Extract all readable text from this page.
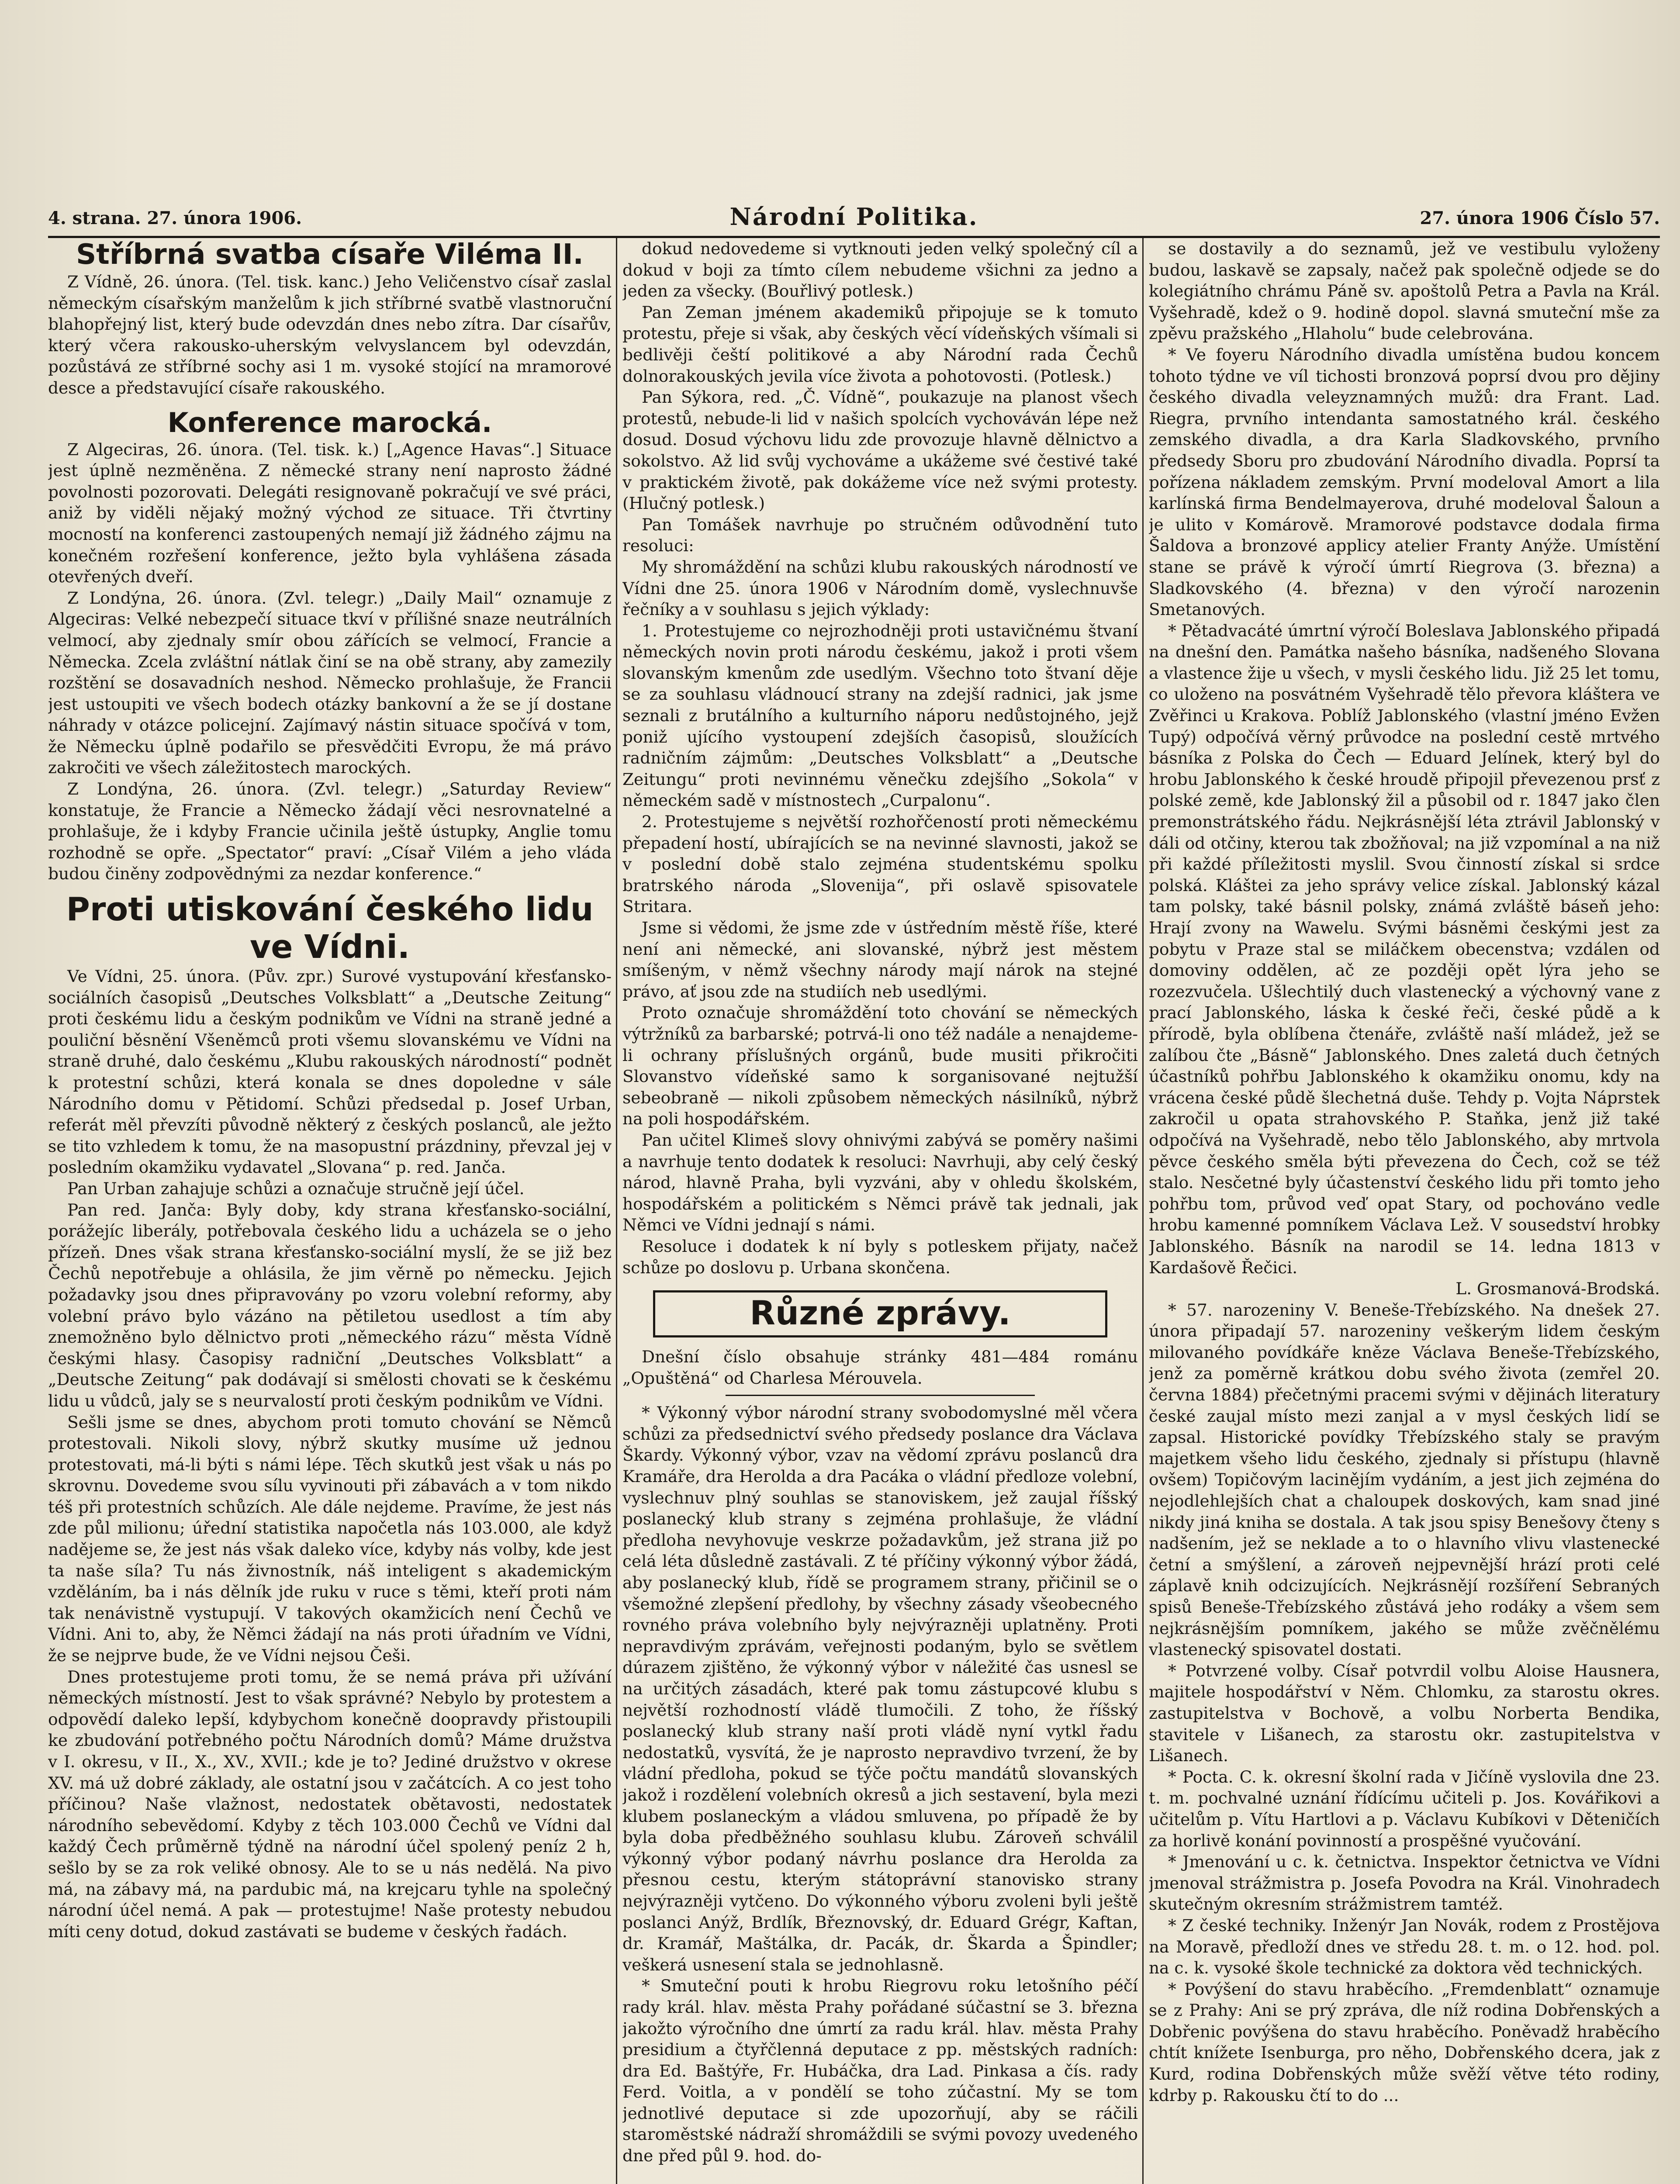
4. strana. 27. února 1906.	Národní Politika.	27. února 1906 Číslo 57.
Stříbrná svatba císaře Viléma II.

Z Vídně, 26. února. (Tel. tisk. kanc.) Jeho Veličenstvo císař zaslal německým císařským manželům k jich stříbrné svatbě vlastnoruční blahopřejný list, který bude odevzdán dnes nebo zítra. Dar císařův, který včera rakousko-uherským velvyslancem byl odevzdán, pozůstává ze stříbrné sochy asi 1 m. vysoké stojící na mramorové desce a představující císaře rakouského.

Konference marocká.

Z Algeciras, 26. února. (Tel. tisk. k.) [„Agence Havas“.] Situace jest úplně nezměněna. Z německé strany není naprosto žádné povolnosti pozorovati. Delegáti resignovaně pokračují ve své práci, aniž by viděli nějaký možný východ ze situace. Tři čtvrtiny mocností na konferenci zastoupených nemají již žádného zájmu na konečném rozřešení konference, ježto byla vyhlášena zásada otevřených dveří.

Z Londýna, 26. února. (Zvl. telegr.) „Daily Mail“ oznamuje z Algeciras: Velké nebezpečí situace tkví v přílišné snaze neutrálních velmocí, aby zjednaly smír obou zářících se velmocí, Francie a Německa. Zcela zvláštní nátlak činí se na obě strany, aby zamezily rozštění se dosavadních neshod. Německo prohlašuje, že Francii jest ustoupiti ve všech bodech otázky bankovní a že se jí dostane náhrady v otázce policejní. Zajímavý nástin situace spočívá v tom, že Německu úplně podařilo se přesvědčiti Evropu, že má právo zakročiti ve všech záležitostech marockých.

Z Londýna, 26. února. (Zvl. telegr.) „Saturday Review“ konstatuje, že Francie a Německo žádají věci nesrovnatelné a prohlašuje, že i kdyby Francie učinila ještě ústupky, Anglie tomu rozhodně se opře. „Spectator“ praví: „Císař Vilém a jeho vláda budou činěny zodpovědnými za nezdar konference.“

Proti utiskování českého lidu ve Vídni.

Ve Vídni, 25. února. (Pův. zpr.) Surové vystupování křesťansko-sociálních časopisů „Deutsches Volksblatt“ a „Deutsche Zeitung“ proti českému lidu a českým podnikům ve Vídni na straně jedné a pouliční běsnění Všeněmců proti všemu slovanskému ve Vídni na straně druhé, dalo českému „Klubu rakouských národností“ podnět k protestní schůzi, která konala se dnes dopoledne v sále Národního domu v Pětidomí. Schůzi předsedal p. Josef Urban, referát měl převzíti původně některý z českých poslanců, ale ježto se tito vzhledem k tomu, že na masopustní prázdniny, převzal jej v posledním okamžiku vydavatel „Slovana“ p. red. Janča.

Pan Urban zahajuje schůzi a označuje stručně její účel.

Pan red. Janča: Byly doby, kdy strana křesťansko-sociální, porážejíc liberály, potřebovala českého lidu a ucházela se o jeho přízeň. Dnes však strana křesťansko-sociální myslí, že se již bez Čechů nepotřebuje a ohlásila, že jim věrně po německu. Jejich požadavky jsou dnes připravovány po vzoru volební reformy, aby volební právo bylo vázáno na pětiletou usedlost a tím aby znemožněno bylo dělnictvo proti „německého rázu“ města Vídně českými hlasy. Časopisy radniční „Deutsches Volksblatt“ a „Deutsche Zeitung“ pak dodávají si smělosti chovati se k českému lidu u vůdců, jaly se s neurvalostí proti českým podnikům ve Vídni.

Sešli jsme se dnes, abychom proti tomuto chování se Němců protestovali. Nikoli slovy, nýbrž skutky musíme už jednou protestovati, má-li býti s námi lépe. Těch skutků jest však u nás po skrovnu. Dovedeme svou sílu vyvinouti při zábavách a v tom nikdo téš při protestních schůzích. Ale dále nejdeme. Pravíme, že jest nás zde půl milionu; úřední statistika napočetla nás 103.000, ale když nadějeme se, že jest nás však daleko více, kdyby nás volby, kde jest ta naše síla? Tu nás živnostník, náš inteligent s akademickým vzděláním, ba i nás dělník jde ruku v ruce s těmi, kteří proti nám tak nenávistně vystupují. V takových okamžicích není Čechů ve Vídni. Ani to, aby, že Němci žádají na nás proti úřadním ve Vídni, že se nejprve bude, že ve Vídni nejsou Češi.

Dnes protestujeme proti tomu, že se nemá práva při užívání německých místností. Jest to však správné? Nebylo by protestem a odpovědí daleko lepší, kdybychom konečně doopravdy přistoupili ke zbudování potřebného počtu Národních domů? Máme družstva v I. okresu, v II., X., XV., XVII.; kde je to? Jediné družstvo v okrese XV. má už dobré základy, ale ostatní jsou v začátcích. A co jest toho příčinou? Naše vlažnost, nedostatek obětavosti, nedostatek národního sebevědomí. Kdyby z těch 103.000 Čechů ve Vídni dal každý Čech průměrně týdně na národní účel spolený peníz 2 h, sešlo by se za rok veliké obnosy. Ale to se u nás nedělá. Na pivo má, na zábavy má, na pardubic má, na krejcaru tyhle na společný národní účel nemá. A pak — protestujme! Naše protesty nebudou míti ceny dotud, dokud zastávati se budeme v českých řadách.

dokud nedovedeme si vytknouti jeden velký společný cíl a dokud v boji za tímto cílem nebudeme všichni za jedno a jeden za všecky. (Bouřlivý potlesk.)

Pan Zeman jménem akademiků připojuje se k tomuto protestu, přeje si však, aby českých věcí vídeňských všímali si bedlivěji čeští politikové a aby Národní rada Čechů dolnorakouských jevila více života a pohotovosti. (Potlesk.)

Pan Sýkora, red. „Č. Vídně“, poukazuje na planost všech protestů, nebude-li lid v našich spolcích vychováván lépe než dosud. Dosud výchovu lidu zde provozuje hlavně dělnictvo a sokolstvo. Až lid svůj vychováme a ukážeme své čestivé také v praktickém životě, pak dokážeme více než svými protesty. (Hlučný potlesk.)

Pan Tomášek navrhuje po stručném odůvodnění tuto resoluci:

My shromáždění na schůzi klubu rakouských národností ve Vídni dne 25. února 1906 v Národním domě, vyslechnuvše řečníky a v souhlasu s jejich výklady:

1. Protestujeme co nejrozhodněji proti ustavičnému štvaní německých novin proti národu českému, jakož i proti všem slovanským kmenům zde usedlým. Všechno toto štvaní děje se za souhlasu vládnoucí strany na zdejší radnici, jak jsme seznali z brutálního a kulturního náporu nedůstojného, jejž poniž ujícího vystoupení zdejších časopisů, sloužících radničním zájmům: „Deutsches Volksblatt“ a „Deutsche Zeitungu“ proti nevinnému věnečku zdejšího „Sokola“ v německém sadě v místnostech „Curpalonu“.

2. Protestujeme s největší rozhořčeností proti německému přepadení hostí, ubírajících se na nevinné slavnosti, jakož se v poslední době stalo zejména studentskému spolku bratrského národa „Slovenija“, při oslavě spisovatele Stritara.

Jsme si vědomi, že jsme zde v ústředním městě říše, které není ani německé, ani slovanské, nýbrž jest městem smíšeným, v němž všechny národy mají nárok na stejné právo, ať jsou zde na studiích neb usedlými.

Proto označuje shromáždění toto chování se německých výtržníků za barbarské; potrvá-li ono též nadále a nenajdeme-li ochrany příslušných orgánů, bude musiti přikročiti Slovanstvo vídeňské samo k sorganisované nejtužší sebeobraně — nikoli způsobem německých násilníků, nýbrž na poli hospodářském.

Pan učitel Klimeš slovy ohnivými zabývá se poměry našimi a navrhuje tento dodatek k resoluci: Navrhuji, aby celý český národ, hlavně Praha, byli vyzváni, aby v ohledu školském, hospodářském a politickém s Němci právě tak jednali, jak Němci ve Vídni jednají s námi.

Resoluce i dodatek k ní byly s potleskem přijaty, načež schůze po doslovu p. Urbana skončena.

Různé zprávy.

Dnešní číslo obsahuje stránky 481—484 románu „Opuštěná“ od Charlesa Mérouvela.

* Výkonný výbor národní strany svobodomyslné měl včera schůzi za předsednictví svého předsedy poslance dra Václava Škardy. Výkonný výbor, vzav na vědomí zprávu poslanců dra Kramáře, dra Herolda a dra Pacáka o vládní předloze volební, vyslechnuv plný souhlas se stanoviskem, jež zaujal říšský poslanecký klub strany s zejména prohlašuje, že vládní předloha nevyhovuje veskrze požadavkům, jež strana již po celá léta důsledně zastávali. Z té příčiny výkonný výbor žádá, aby poslanecký klub, řídě se programem strany, přičinil se o všemožné zlepšení předlohy, by všechny zásady všeobecného rovného práva volebního byly nejvýrazněji uplatněny. Proti nepravdivým zprávám, veřejnosti podaným, bylo se světlem dúrazem zjištěno, že výkonný výbor v náležité čas usnesl se na určitých zásadách, které pak tomu zástupcové klubu s největší rozhodností vládě tlumočili. Z toho, že říšský poslanecký klub strany naší proti vládě nyní vytkl řadu nedostatků, vysvítá, že je naprosto nepravdivo tvrzení, že by vládní předloha, pokud se týče počtu mandátů slovanských jakož i rozdělení volebních okresů a jich sestavení, byla mezi klubem poslaneckým a vládou smluvena, po případě že by byla doba předběžného souhlasu klubu. Zároveň schválil výkonný výbor podaný návrhu poslance dra Herolda za přesnou cestu, kterým státoprávní stanovisko strany nejvýrazněji vytčeno. Do výkonného výboru zvoleni byli ještě poslanci Anýž, Brdlík, Březnovský, dr. Eduard Grégr, Kaftan, dr. Kramář, Maštálka, dr. Pacák, dr. Škarda a Špindler; veškerá usnesení stala se jednohlasně.

* Smuteční pouti k hrobu Riegrovu roku letošního péčí rady král. hlav. města Prahy pořádané súčastní se 3. března jakožto výročního dne úmrtí za radu král. hlav. města Prahy presidium a čtyřčlenná deputace z pp. městských radních: dra Ed. Baštýře, Fr. Hubáčka, dra Lad. Pinkasa a čís. rady Ferd. Voitla, a v pondělí se toho zúčastní. My se tom jednotlivé deputace si zde upozorňují, aby se ráčili staroměstské nádraží shromáždili se svými povozy uvedeného dne před půl 9. hod. do-

se dostavily a do seznamů, jež ve vestibulu vyloženy budou, laskavě se zapsaly, načež pak společně odjede se do kolegiátního chrámu Páně sv. apoštolů Petra a Pavla na Král. Vyšehradě, kdež o 9. hodině dopol. slavná smuteční mše za zpěvu pražského „Hlaholu“ bude celebrována.

* Ve foyeru Národního divadla umístěna budou koncem tohoto týdne ve víl tichosti bronzová poprsí dvou pro dějiny českého divadla veleyznamných mužů: dra Frant. Lad. Riegra, prvního intendanta samostatného král. českého zemského divadla, a dra Karla Sladkovského, prvního předsedy Sboru pro zbudování Národního divadla. Poprsí ta pořízena nákladem zemským. První modeloval Amort a lila karlínská firma Bendelmayerova, druhé modeloval Šaloun a je ulito v Komárově. Mramorové podstavce dodala firma Šaldova a bronzové applicy atelier Franty Anýže. Umístění stane se právě k výročí úmrtí Riegrova (3. března) a Sladkovského (4. března) v den výročí narozenin Smetanových.

* Pětadvacáté úmrtní výročí Boleslava Jablonského připadá na dnešní den. Památka našeho básníka, nadšeného Slovana a vlastence žije u všech, v mysli českého lidu. Již 25 let tomu, co uloženo na posvátném Vyšehradě tělo převora kláštera ve Zvěřinci u Krakova. Poblíž Jablonského (vlastní jméno Evžen Tupý) odpočívá věrný průvodce na poslední cestě mrtvého básníka z Polska do Čech — Eduard Jelínek, který byl do hrobu Jablonského k české hroudě připojil převezenou prsť z polské země, kde Jablonský žil a působil od r. 1847 jako člen premonstrátského řádu. Nejkrásnější léta ztrávil Jablonský v dáli od otčiny, kterou tak zbožňoval; na již vzpomínal a na niž při každé příležitosti myslil. Svou činností získal si srdce polská. Kláštei za jeho správy velice získal. Jablonský kázal tam polsky, také básnil polsky, známá zvláště báseň jeho: Hrají zvony na Wawelu. Svými básněmi českými jest za pobytu v Praze stal se miláčkem obecenstva; vzdálen od domoviny oddělen, ač ze později opět lýra jeho se rozezvučela. Ušlechtilý duch vlastenecký a výchovný vane z prací Jablonského, láska k české řeči, české půdě a k přírodě, byla oblíbena čtenáře, zvláště naší mládež, jež se zalíbou čte „Básně“ Jablonského. Dnes zaletá duch četných účastníků pohřbu Jablonského k okamžiku onomu, kdy na vrácena české půdě šlechetná duše. Tehdy p. Vojta Náprstek zakročil u opata strahovského P. Staňka, jenž již také odpočívá na Vyšehradě, nebo tělo Jablonského, aby mrtvola pěvce českého směla býti převezena do Čech, což se též stalo. Nesčetné byly účastenství českého lidu při tomto jeho pohřbu tom, průvod veď opat Stary, od pochováno vedle hrobu kamenné pomníkem Václava Lež. V sousedství hrobky Jablonského. Básník na narodil se 14. ledna 1813 v Kardašově Řečici.

L. Grosmanová-Brodská.

* 57. narozeniny V. Beneše-Třebízského. Na dnešek 27. února připadají 57. narozeniny veškerým lidem českým milovaného povídkáře kněze Václava Beneše-Třebízského, jenž za poměrně krátkou dobu svého života (zemřel 20. června 1884) přečetnými pracemi svými v dějinách literatury české zaujal místo mezi zanjal a v mysl českých lidí se zapsal. Historické povídky Třebízského staly se pravým majetkem všeho lidu českého, zjednaly si přístupu (hlavně ovšem) Topičovým lacinějím vydáním, a jest jich zejména do nejodlehlejších chat a chaloupek doskových, kam snad jiné nikdy jiná kniha se dostala. A tak jsou spisy Benešovy čteny s nadšením, jež se neklade a to o hlavního vlivu vlastenecké četní a smýšlení, a zároveň nejpevnější hrází proti celé záplavě knih odcizujících. Nejkrásnějí rozšíření Sebraných spisů Beneše-Třebízského zůstává jeho rodáky a všem sem nejkrásnějším pomníkem, jakého se může zvěčnělému vlastenecký spisovatel dostati.

* Potvrzené volby. Císař potvrdil volbu Aloise Hausnera, majitele hospodářství v Něm. Chlomku, za starostu okres. zastupitelstva v Bochově, a volbu Norberta Bendika, stavitele v Lišanech, za starostu okr. zastupitelstva v Lišanech.

* Pocta. C. k. okresní školní rada v Jičíně vyslovila dne 23. t. m. pochvalné uznání řídícímu učiteli p. Jos. Kovářikovi a učitelům p. Vítu Hartlovi a p. Václavu Kubíkovi v Děteničích za horlivě konání povinností a prospěšné vyučování.

* Jmenování u c. k. četnictva. Inspektor četnictva ve Vídni jmenoval strážmistra p. Josefa Povodra na Král. Vinohradech skutečným okresním strážmistrem tamtéž.

* Z české techniky. Inženýr Jan Novák, rodem z Prostějova na Moravě, předloží dnes ve středu 28. t. m. o 12. hod. pol. na c. k. vysoké škole technické za doktora věd technických.

* Povýšení do stavu hraběcího. „Fremdenblatt“ oznamuje se z Prahy: Ani se prý zpráva, dle níž rodina Dobřenských a Dobřenic povýšena do stavu hraběcího. Poněvadž hraběcího chtít knížete Isenburga, pro něho, Dobřenského dcera, jak z Kurd, rodina Dobřenských může svěží větve této rodiny, kdrby p. Rakousku čtí to do ...
